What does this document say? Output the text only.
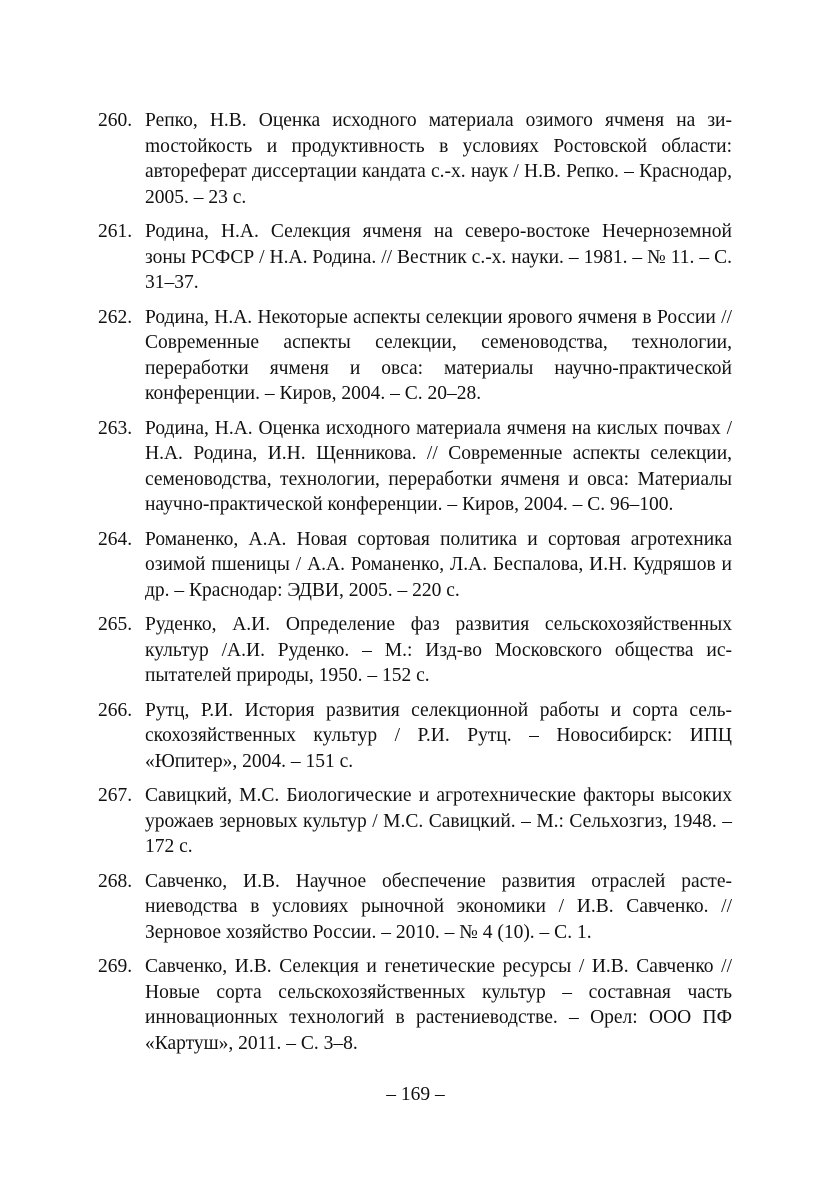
260. Репко, Н.В. Оценка исходного материала озимого ячменя на зиmостойкость и продуктивность в условиях Ростовской области: автореферат диссертации кандата с.-х. наук / Н.В. Репко. – Краснодар, 2005. – 23 с.
261. Родина, Н.А. Селекция ячменя на северо-востоке Нечерноземной зоны РСФСР / Н.А. Родина. // Вестник с.-х. науки. – 1981. – № 11. – С. 31–37.
262. Родина, Н.А. Некоторые аспекты селекции ярового ячменя в России // Современные аспекты селекции, семеноводства, технологии, переработки ячменя и овса: материалы научно-практической конференции. – Киров, 2004. – С. 20–28.
263. Родина, Н.А. Оценка исходного материала ячменя на кислых почвах / Н.А. Родина, И.Н. Щенникова. // Современные аспекты селекции, семеноводства, технологии, переработки ячменя и овса: Материалы научно-практической конференции. – Киров, 2004. – С. 96–100.
264. Романенко, А.А. Новая сортовая политика и сортовая агротехника озимой пшеницы / А.А. Романенко, Л.А. Беспалова, И.Н. Кудряшов и др. – Краснодар: ЭДВИ, 2005. – 220 с.
265. Руденко, А.И. Определение фаз развития сельскохозяйственных культур /А.И. Руденко. – М.: Изд-во Московского общества испытателей природы, 1950. – 152 с.
266. Рутц, Р.И. История развития селекционной работы и сорта сельскохозяйственных культур / Р.И. Рутц. – Новосибирск: ИПЦ «Юпитер», 2004. – 151 с.
267. Савицкий, М.С. Биологические и агротехнические факторы высоких урожаев зерновых культур / М.С. Савицкий. – М.: Сельхозгиз, 1948. – 172 с.
268. Савченко, И.В. Научное обеспечение развития отраслей растениеводства в условиях рыночной экономики / И.В. Савченко. // Зерновое хозяйство России. – 2010. – № 4 (10). – С. 1.
269. Савченко, И.В. Селекция и генетические ресурсы / И.В. Савченко // Новые сорта сельскохозяйственных культур – составная часть инновационных технологий в растениеводстве. – Орел: ООО ПФ «Картуш», 2011. – С. 3–8.
– 169 –
